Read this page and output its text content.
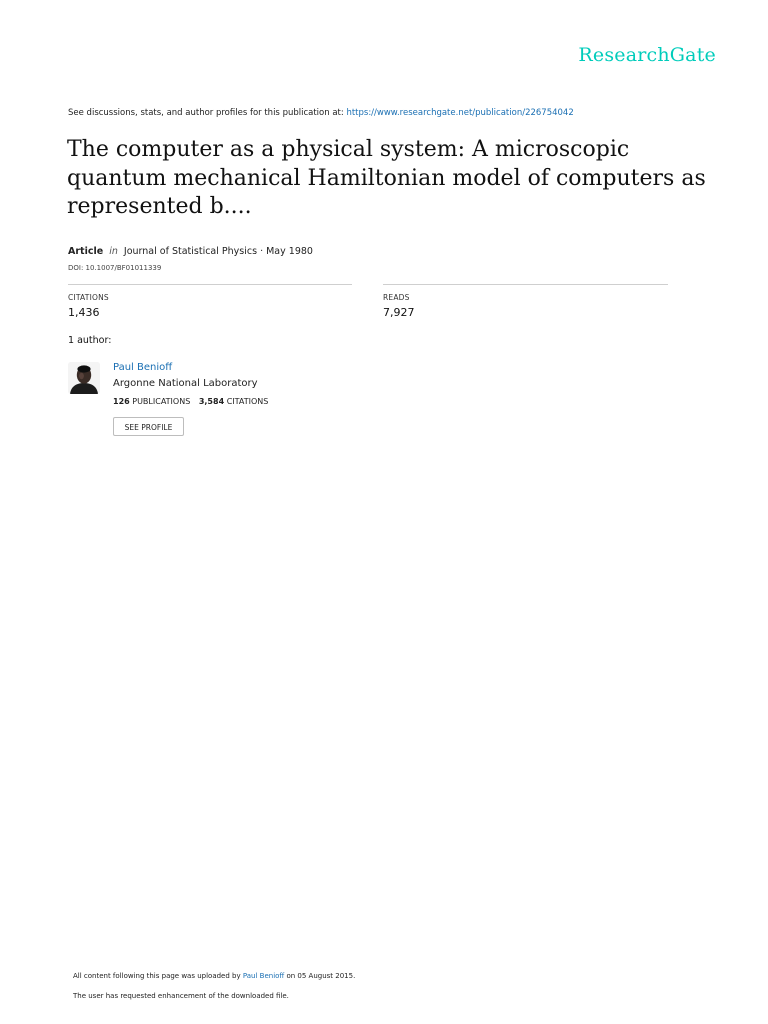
ResearchGate
See discussions, stats, and author profiles for this publication at: https://www.researchgate.net/publication/226754042
The computer as a physical system: A microscopic quantum mechanical Hamiltonian model of computers as represented b....
Article in Journal of Statistical Physics · May 1980
DOI: 10.1007/BF01011339
CITATIONS
1,436
READS
7,927
1 author:
Paul Benioff
Argonne National Laboratory
126 PUBLICATIONS 3,584 CITATIONS
SEE PROFILE
All content following this page was uploaded by Paul Benioff on 05 August 2015.
The user has requested enhancement of the downloaded file.
